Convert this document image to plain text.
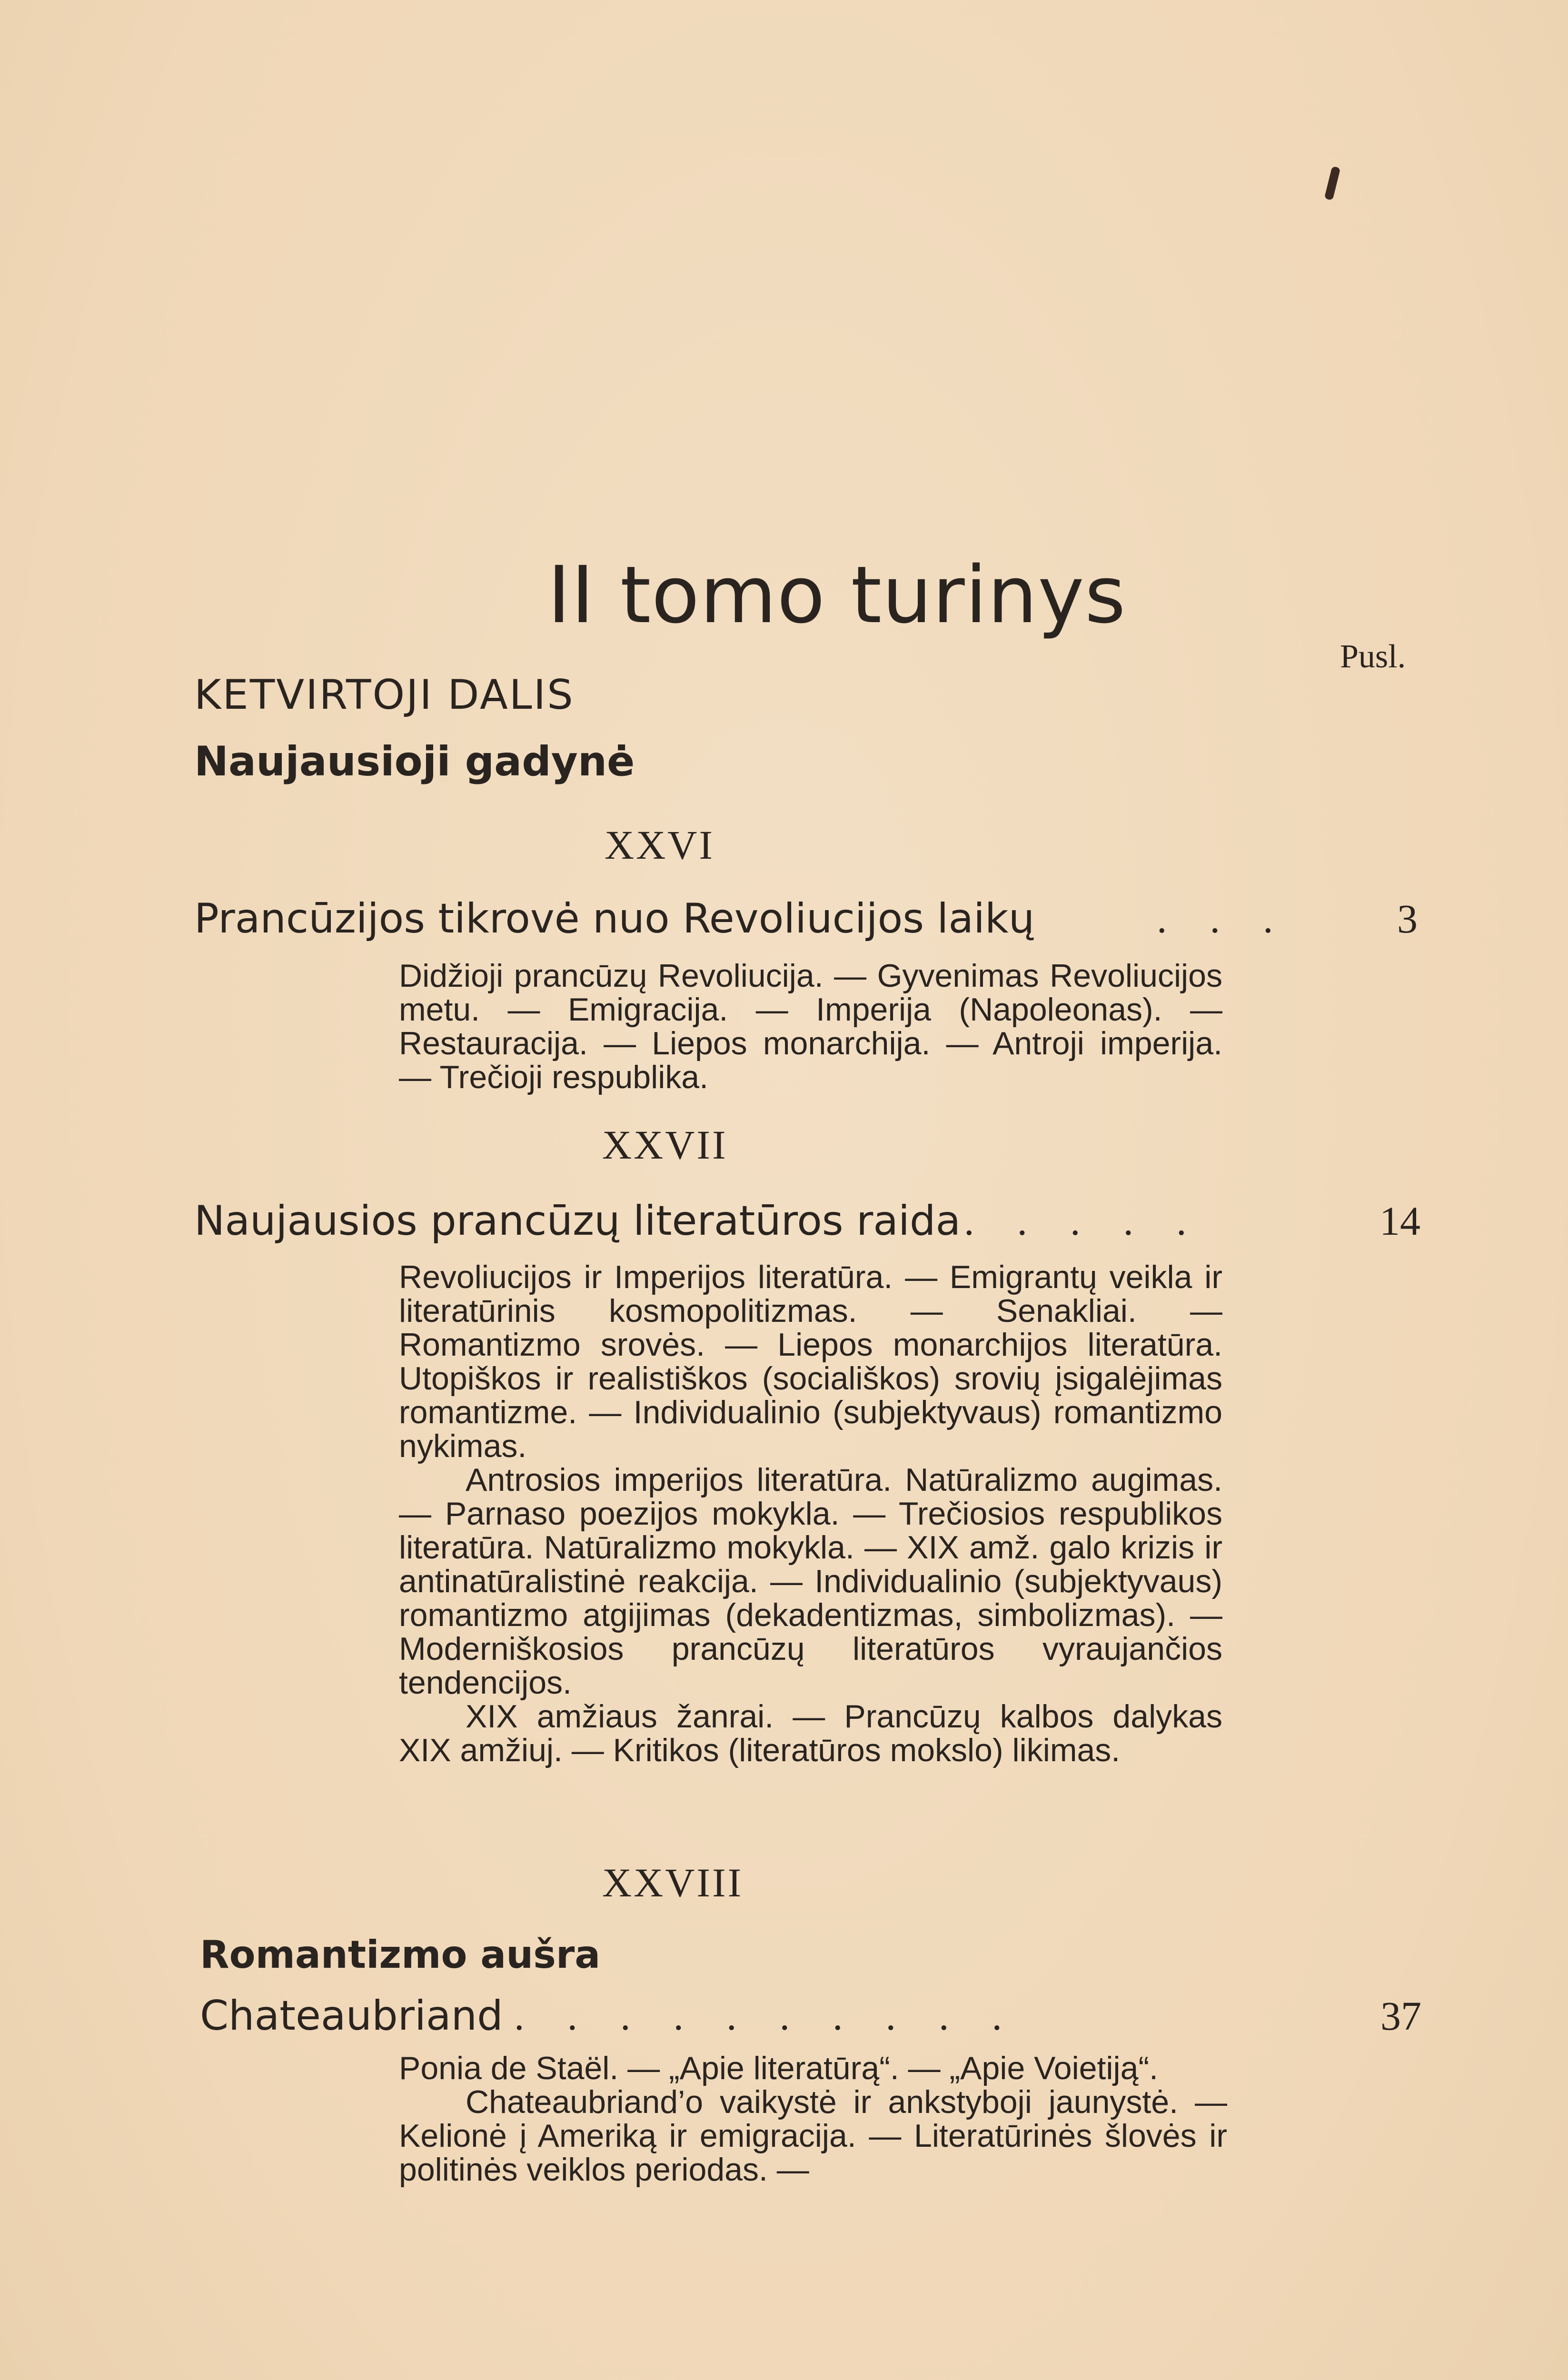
II tomo turinys
Pusl.
KETVIRTOJI DALIS
Naujausioji gadynė
XXVI
Prancūzijos tikrovė nuo Revoliucijos laikų	... 3

Didžioji prancūzų Revoliucija. — Gyvenimas Revoliucijos metu. — Emigracija. — Imperija (Napoleonas). — Restauracija. — Liepos monarchija. — Antroji imperija. — Trečioji respublika.

XXVII
Naujausios prancūzų literatūros raida .....	14

Revoliucijos ir Imperijos literatūra. — Emigrantų veikla ir literatūrinis kosmopolitizmas. — Senakliai. — Romantizmo srovės. — Liepos monarchijos literatūra. Utopiškos ir realistiškos (sociališkos) srovių įsigalėjimas romantizme. — Individualinio (subjektyvaus) romantizmo nykimas.

Antrosios imperijos literatūra. Natūralizmo augimas. — Parnaso poezijos mokykla. — Trečiosios respublikos literatūra. Natūralizmo mokykla. — XIX amž. galo krizis ir antinatūralistinė reakcija. — Individualinio (subjektyvaus) romantizmo atgijimas (dekadentizmas, simbolizmas). — Moderniškosios prancūzų literatūros vyraujančios tendencijos.

XIX amžiaus žanrai. — Prancūzų kalbos dalykas XIX amžiuj. — Kritikos (literatūros mokslo) likimas.

XXVIII
Romantizmo aušra
Chateaubriand ..........	37

Ponia de Staël. — „Apie literatūrą“. — „Apie Voietiją“.

Chateaubriand’o vaikystė ir ankstyboji jaunystė. — Kelionė į Ameriką ir emigracija. — Literatūrinės šlovės ir politinės veiklos periodas. —
